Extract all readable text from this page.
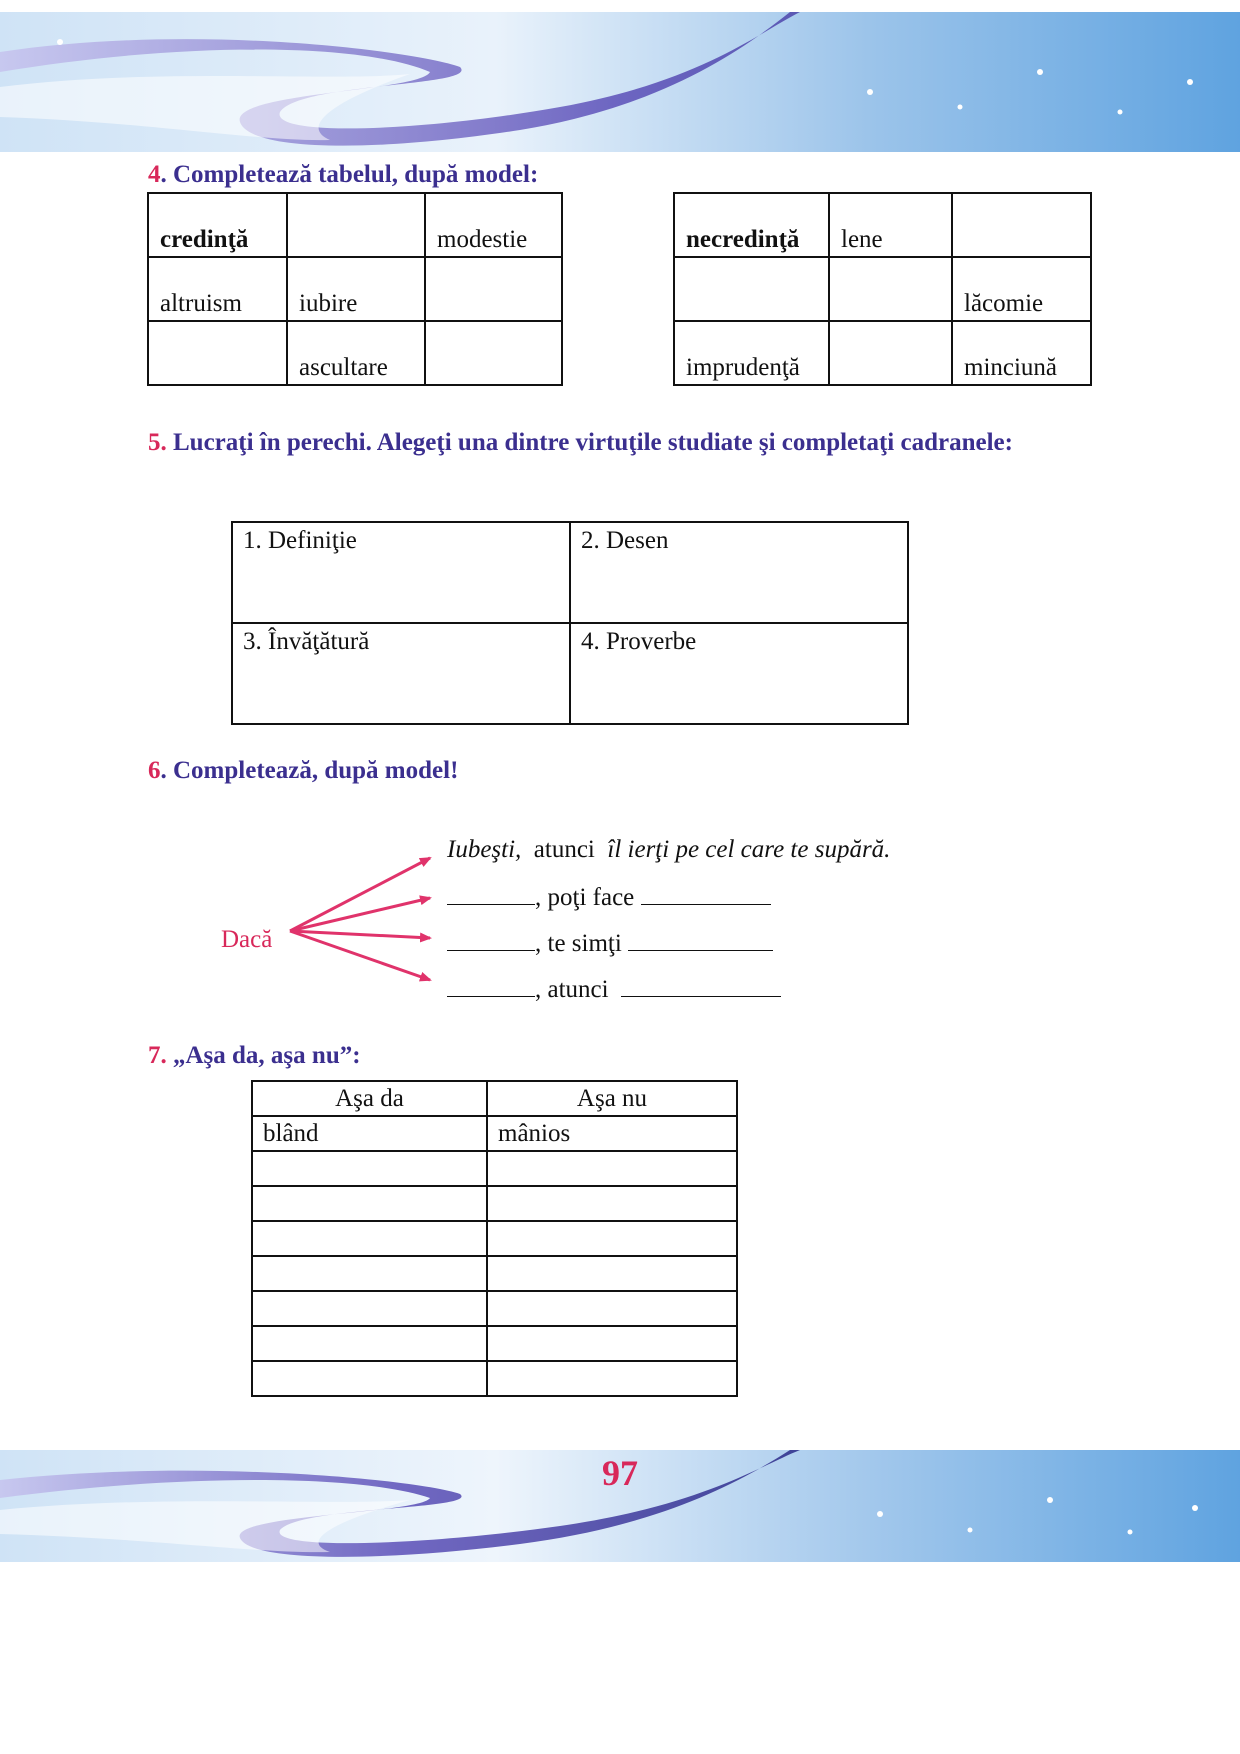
4. Completează tabelul, după model:
credinţă		modestie
altruism	iubire	
	ascultare	
necredinţă	lene	
		lăcomie
imprudenţă		minciună
5. Lucraţi în perechi. Alegeţi una dintre virtuţile studiate şi completaţi cadranele:
1. Definiţie	2. Desen
3. Învăţătură	4. Proverbe
6. Completează, după model!
Dacă
Iubeşti, atunci îl ierţi pe cel care te supără.
, poţi face
, te simţi
, atunci
7. „Aşa da, aşa nu”:
Aşa da	Aşa nu
blând	mânios

97
